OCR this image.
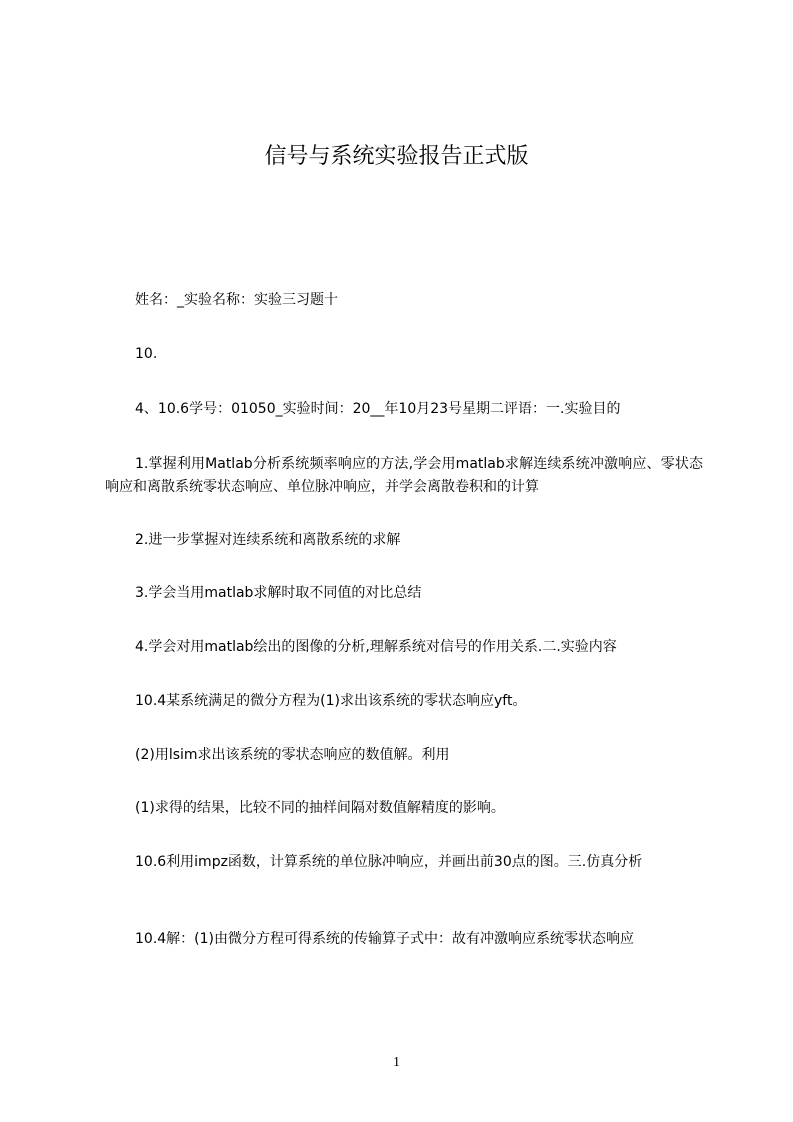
信号与系统实验报告正式版
姓名：_实验名称：实验三习题十
10.
4、10.6学号：01050_实验时间：20__年10月23号星期二评语：一.实验目的
1.掌握利用Matlab分析系统频率响应的方法,学会用matlab求解连续系统冲激响应、零状态响应和离散系统零状态响应、单位脉冲响应，并学会离散卷积和的计算
2.进一步掌握对连续系统和离散系统的求解
3.学会当用matlab求解时取不同值的对比总结
4.学会对用matlab绘出的图像的分析,理解系统对信号的作用关系.二.实验内容
10.4某系统满足的微分方程为(1)求出该系统的零状态响应yft。
(2)用lsim求出该系统的零状态响应的数值解。利用
(1)求得的结果，比较不同的抽样间隔对数值解精度的影响。
10.6利用impz函数，计算系统的单位脉冲响应，并画出前30点的图。三.仿真分析
10.4解：(1)由微分方程可得系统的传输算子式中：故有冲激响应系统零状态响应
1
